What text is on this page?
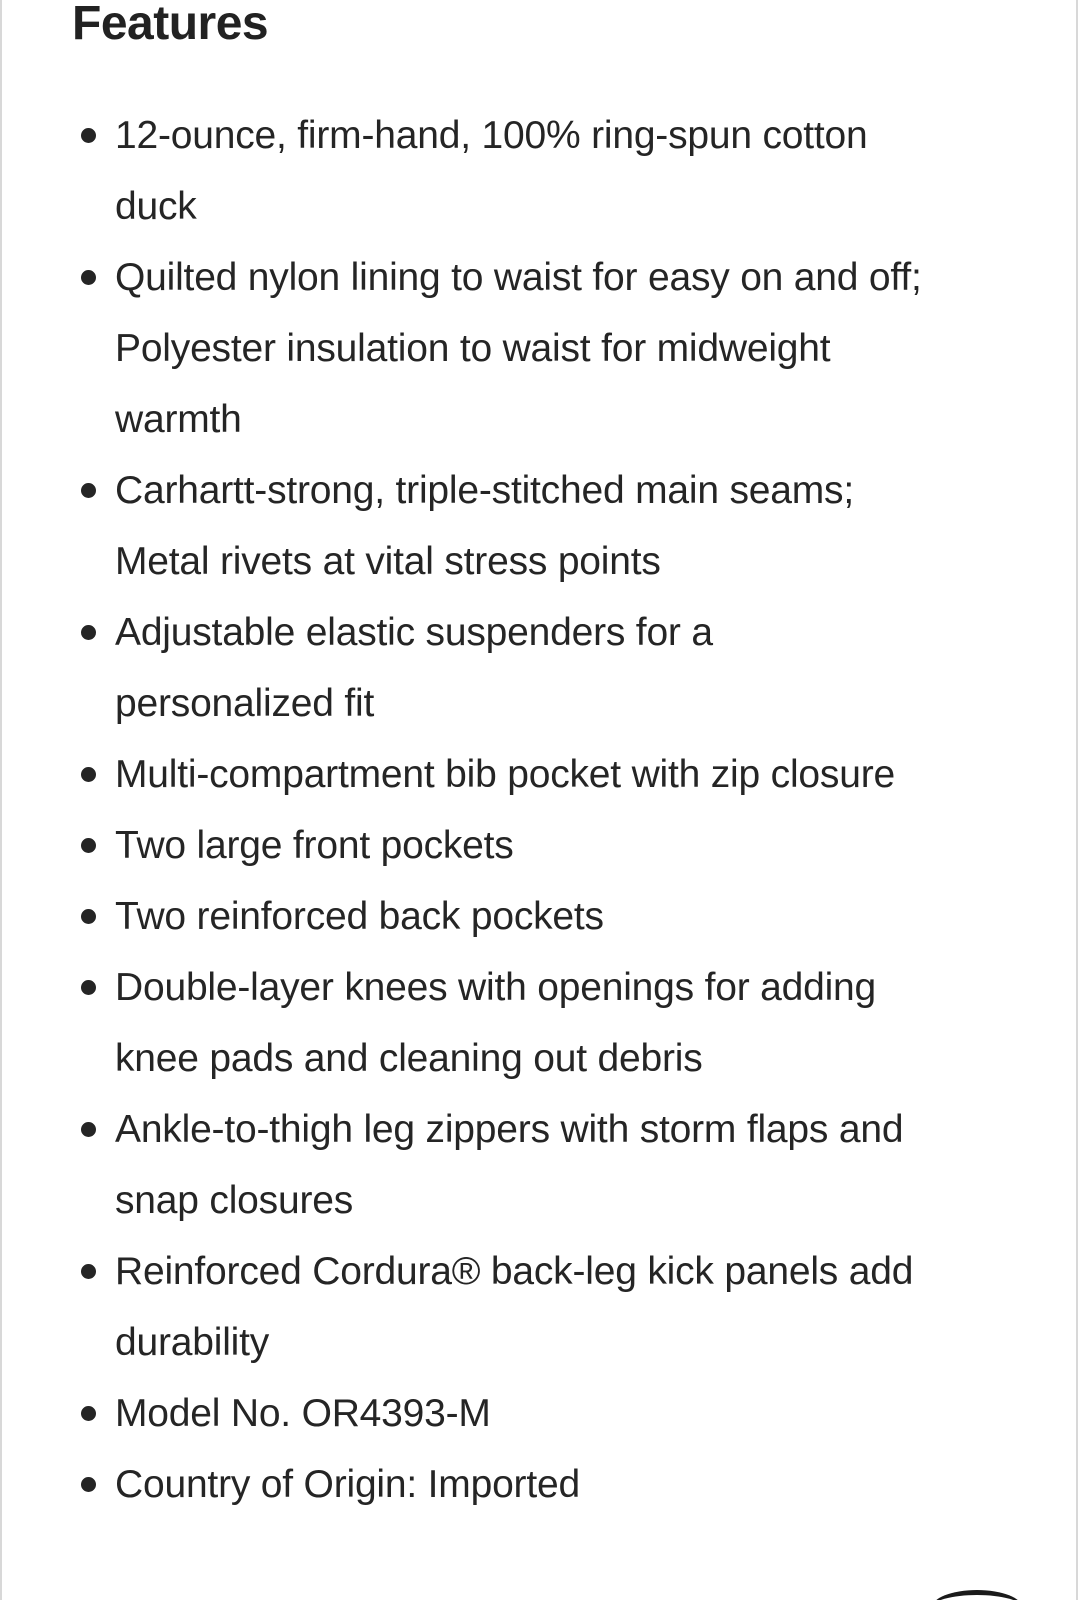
Features
12-ounce, firm-hand, 100% ring-spun cotton duck
Quilted nylon lining to waist for easy on and off; Polyester insulation to waist for midweight warmth
Carhartt-strong, triple-stitched main seams; Metal rivets at vital stress points
Adjustable elastic suspenders for a personalized fit
Multi-compartment bib pocket with zip closure
Two large front pockets
Two reinforced back pockets
Double-layer knees with openings for adding knee pads and cleaning out debris
Ankle-to-thigh leg zippers with storm flaps and snap closures
Reinforced Cordura® back-leg kick panels add durability
Model No. OR4393-M
Country of Origin: Imported
